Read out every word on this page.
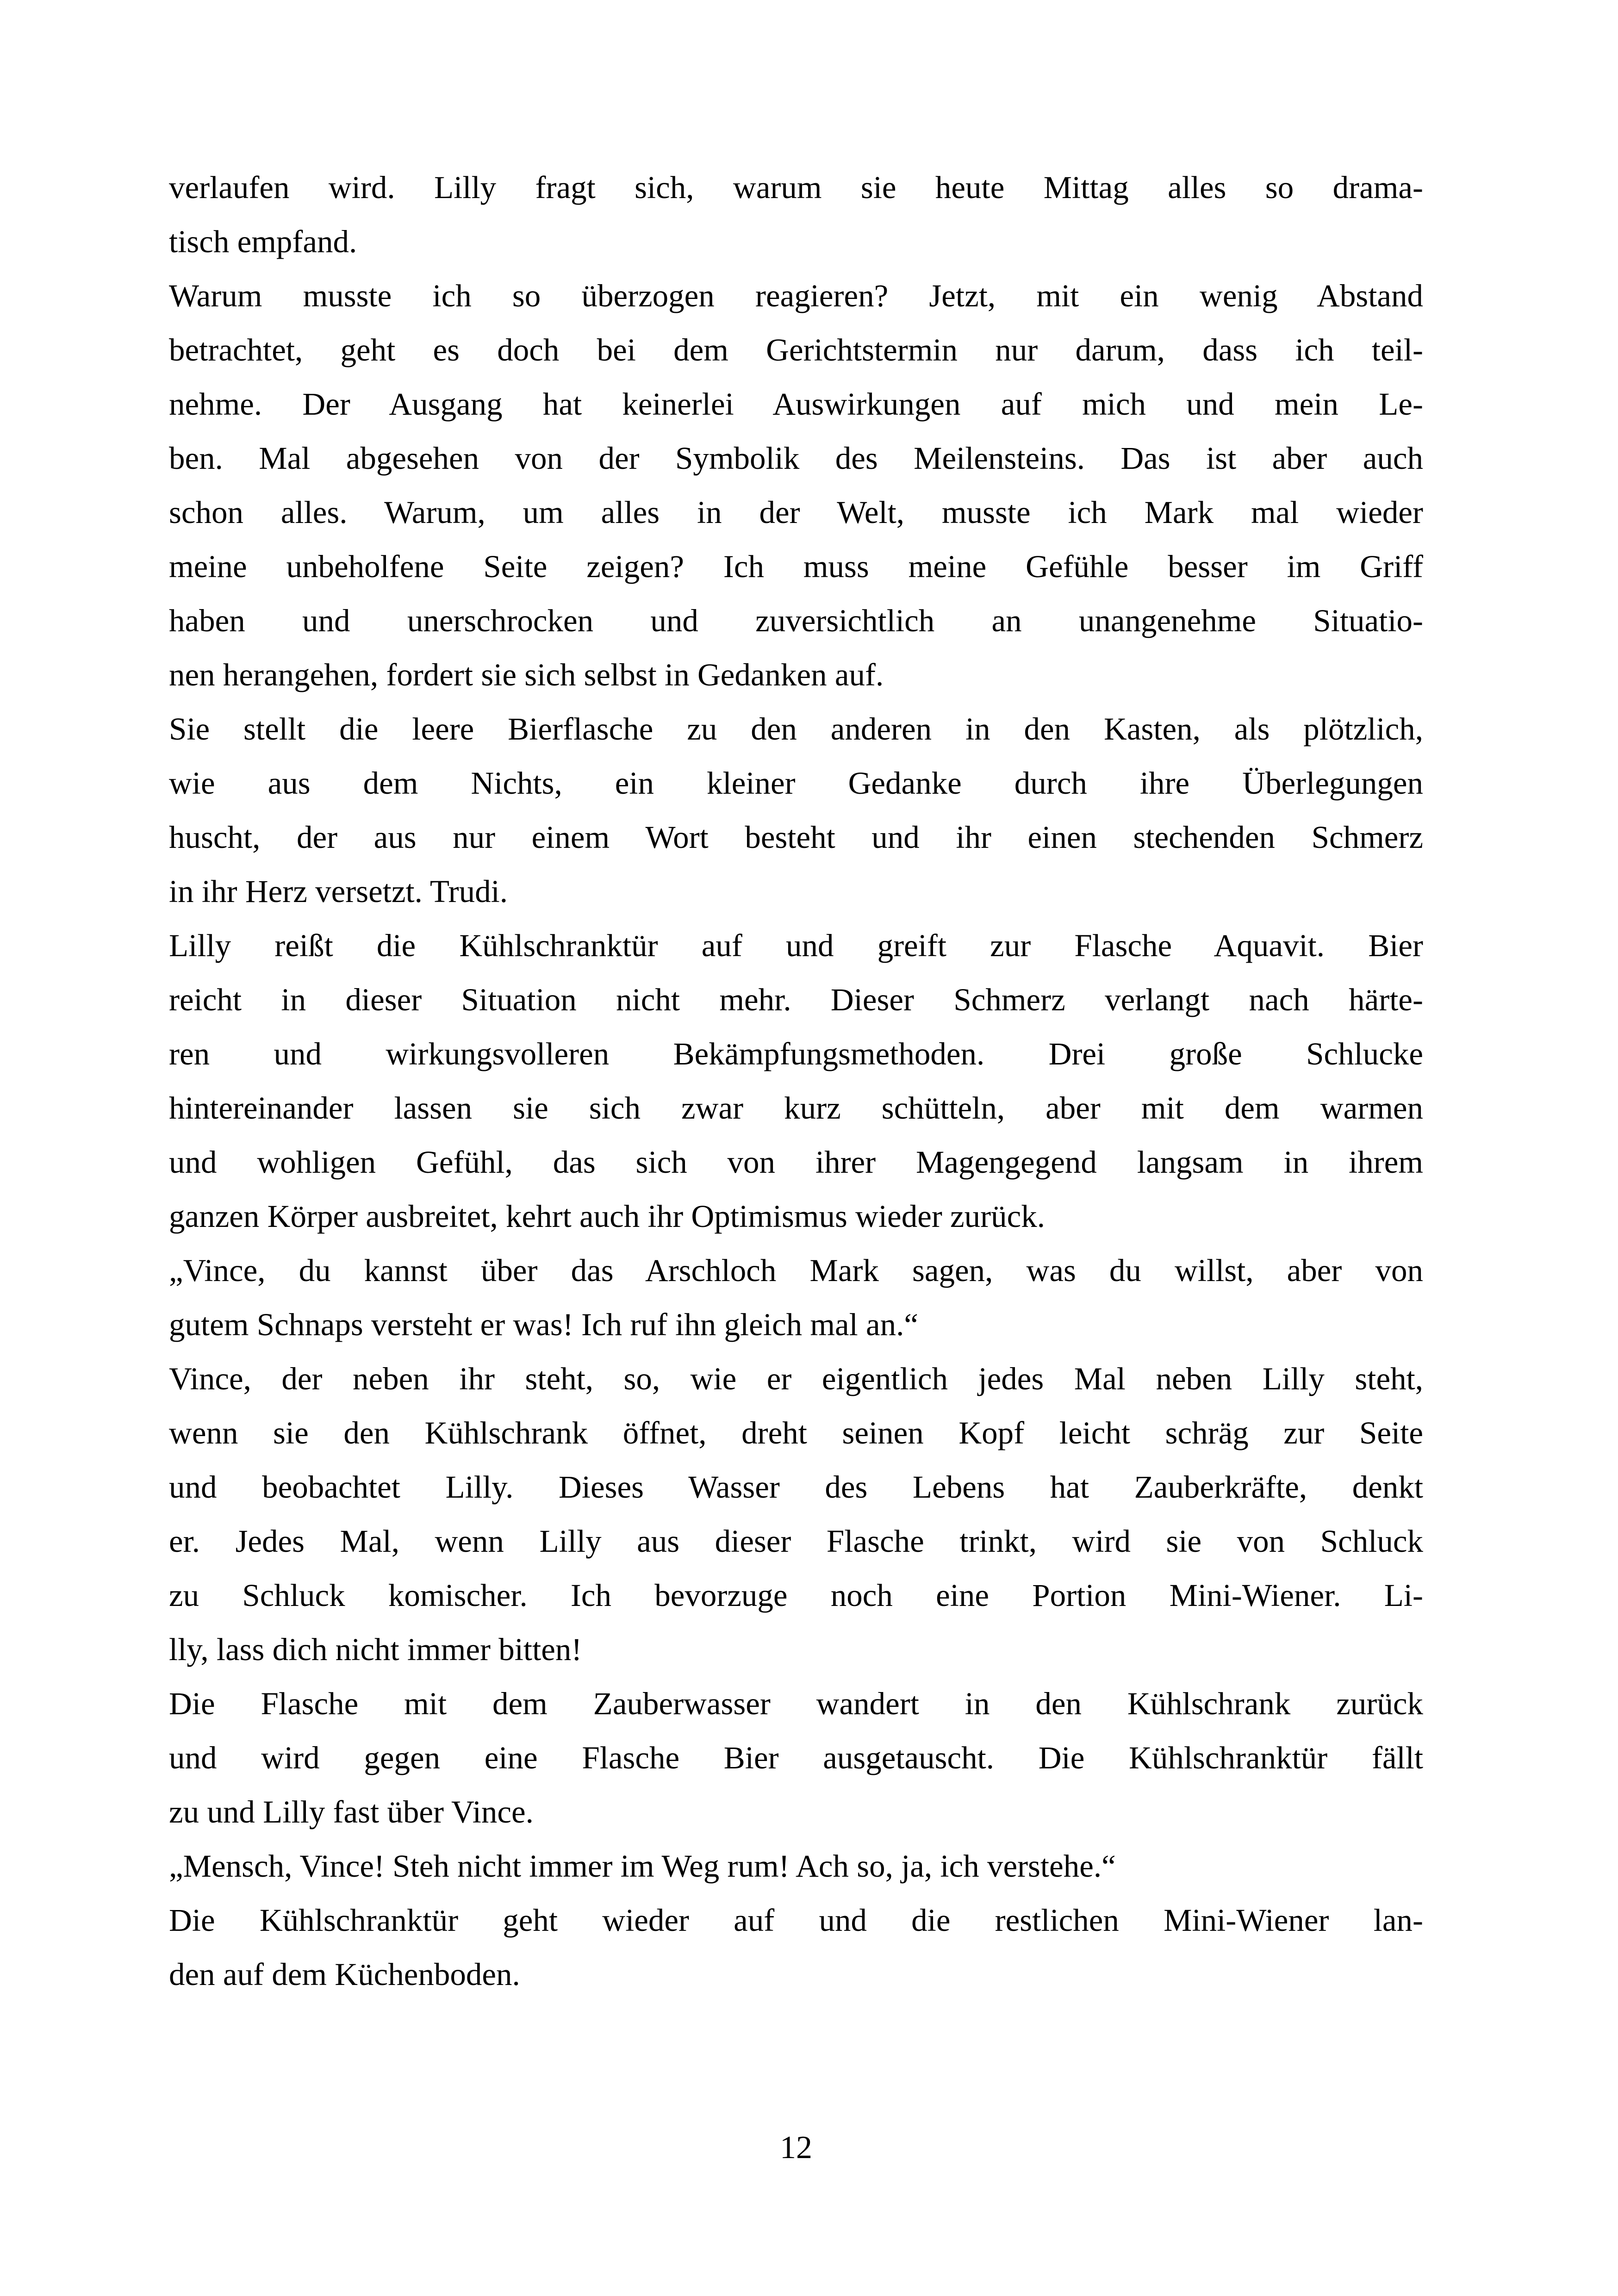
verlaufen wird. Lilly fragt sich, warum sie heute Mittag alles so drama-
tisch empfand.
Warum musste ich so überzogen reagieren? Jetzt, mit ein wenig Abstand
betrachtet, geht es doch bei dem Gerichtstermin nur darum, dass ich teil-
nehme. Der Ausgang hat keinerlei Auswirkungen auf mich und mein Le-
ben. Mal abgesehen von der Symbolik des Meilensteins. Das ist aber auch
schon alles. Warum, um alles in der Welt, musste ich Mark mal wieder
meine unbeholfene Seite zeigen? Ich muss meine Gefühle besser im Griff
haben und unerschrocken und zuversichtlich an unangenehme Situatio-
nen herangehen, fordert sie sich selbst in Gedanken auf.
Sie stellt die leere Bierflasche zu den anderen in den Kasten, als plötzlich,
wie aus dem Nichts, ein kleiner Gedanke durch ihre Überlegungen
huscht, der aus nur einem Wort besteht und ihr einen stechenden Schmerz
in ihr Herz versetzt. Trudi.
Lilly reißt die Kühlschranktür auf und greift zur Flasche Aquavit. Bier
reicht in dieser Situation nicht mehr. Dieser Schmerz verlangt nach härte-
ren und wirkungsvolleren Bekämpfungsmethoden. Drei große Schlucke
hintereinander lassen sie sich zwar kurz schütteln, aber mit dem warmen
und wohligen Gefühl, das sich von ihrer Magengegend langsam in ihrem
ganzen Körper ausbreitet, kehrt auch ihr Optimismus wieder zurück.
„Vince, du kannst über das Arschloch Mark sagen, was du willst, aber von
gutem Schnaps versteht er was! Ich ruf ihn gleich mal an.“
Vince, der neben ihr steht, so, wie er eigentlich jedes Mal neben Lilly steht,
wenn sie den Kühlschrank öffnet, dreht seinen Kopf leicht schräg zur Seite
und beobachtet Lilly. Dieses Wasser des Lebens hat Zauberkräfte, denkt
er. Jedes Mal, wenn Lilly aus dieser Flasche trinkt, wird sie von Schluck
zu Schluck komischer. Ich bevorzuge noch eine Portion Mini-Wiener. Li-
lly, lass dich nicht immer bitten!
Die Flasche mit dem Zauberwasser wandert in den Kühlschrank zurück
und wird gegen eine Flasche Bier ausgetauscht. Die Kühlschranktür fällt
zu und Lilly fast über Vince.
„Mensch, Vince! Steh nicht immer im Weg rum! Ach so, ja, ich verstehe.“
Die Kühlschranktür geht wieder auf und die restlichen Mini-Wiener lan-
den auf dem Küchenboden.
12
